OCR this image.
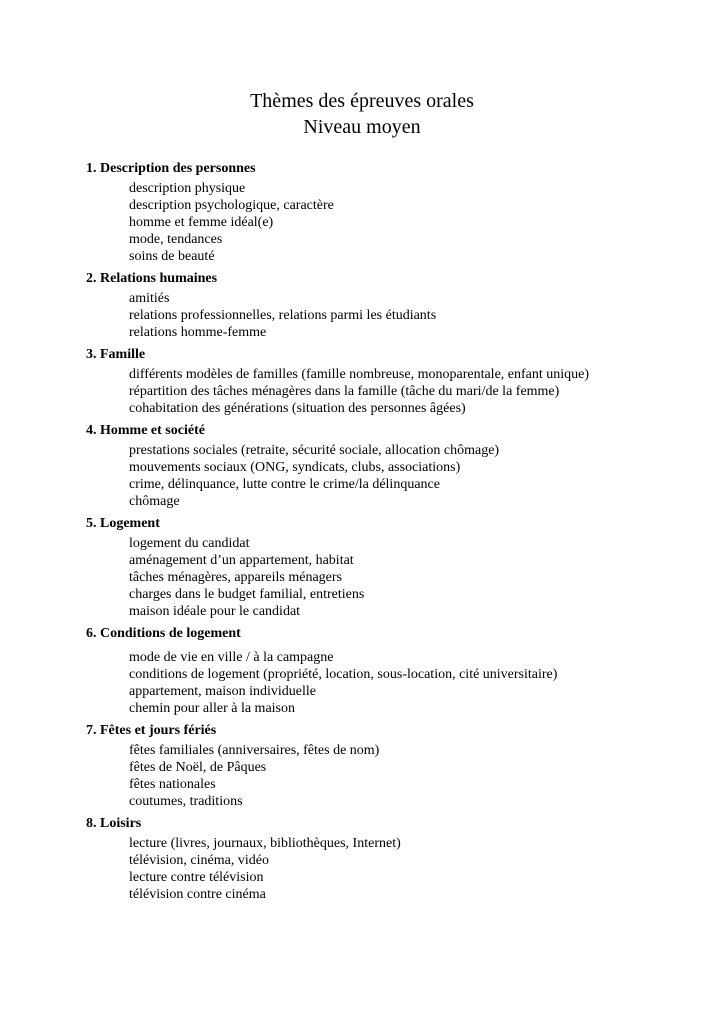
Thèmes des épreuves orales
Niveau moyen
1. Description des personnes
description physique
description psychologique, caractère
homme et femme idéal(e)
mode, tendances
soins de beauté
2. Relations humaines
amitiés
relations professionnelles, relations parmi les étudiants
relations homme-femme
3. Famille
différents modèles de familles (famille nombreuse, monoparentale, enfant unique)
répartition des tâches ménagères dans la famille (tâche du mari/de la femme)
cohabitation des générations (situation des personnes âgées)
4. Homme et société
prestations sociales (retraite, sécurité sociale, allocation chômage)
mouvements sociaux (ONG, syndicats, clubs, associations)
crime, délinquance, lutte contre le crime/la délinquance
chômage
5. Logement
logement du candidat
aménagement d’un appartement, habitat
tâches ménagères, appareils ménagers
charges dans le budget familial, entretiens
maison idéale pour le candidat
6. Conditions de logement
mode de vie en ville / à la campagne
conditions de logement (propriété, location, sous-location, cité universitaire)
appartement, maison individuelle
chemin pour aller à la maison
7. Fêtes et jours fériés
fêtes familiales (anniversaires, fêtes de nom)
fêtes de Noël, de Pâques
fêtes nationales
coutumes, traditions
8. Loisirs
lecture (livres, journaux, bibliothèques, Internet)
télévision, cinéma, vidéo
lecture contre télévision
télévision contre cinéma
